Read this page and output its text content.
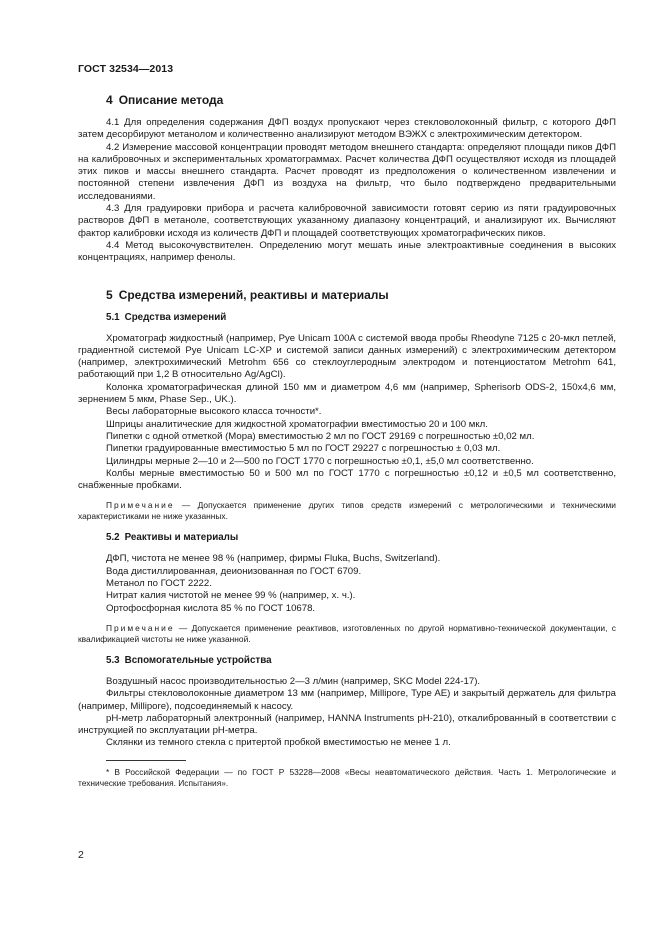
ГОСТ 32534—2013
4 Описание метода

4.1 Для определения содержания ДФП воздух пропускают через стекловолоконный фильтр, с которого ДФП затем десорбируют метанолом и количественно анализируют методом ВЭЖХ с электрохимическим детектором.

4.2 Измерение массовой концентрации проводят методом внешнего стандарта: определяют площади пиков ДФП на калибровочных и экспериментальных хроматограммах. Расчет количества ДФП осуществляют исходя из площадей этих пиков и массы внешнего стандарта. Расчет проводят из предположения о количественном извлечении и постоянной степени извлечения ДФП из воздуха на фильтр, что было подтверждено предварительными исследованиями.

4.3 Для градуировки прибора и расчета калибровочной зависимости готовят серию из пяти градуировочных растворов ДФП в метаноле, соответствующих указанному диапазону концентраций, и анализируют их. Вычисляют фактор калибровки исходя из количеств ДФП и площадей соответствующих хроматографических пиков.

4.4 Метод высокочувствителен. Определению могут мешать иные электроактивные соединения в высоких концентрациях, например фенолы.

5 Средства измерений, реактивы и материалы
5.1 Средства измерений

Хроматограф жидкостный (например, Pye Unicam 100A с системой ввода пробы Rheodyne 7125 с 20-мкл петлей, градиентной системой Pye Unicam LC-XP и системой записи данных измерений) с электрохимическим детектором (например, электрохимический Metrohm 656 со стеклоуглеродным электродом и потенциостатом Metrohm 641, работающий при 1,2 В относительно Ag/AgCl).

Колонка хроматографическая длиной 150 мм и диаметром 4,6 мм (например, Spherisorb ODS-2, 150x4,6 мм, зернением 5 мкм, Phase Sep., UK.).

Весы лабораторные высокого класса точности*.

Шприцы аналитические для жидкостной хроматографии вместимостью 20 и 100 мкл.

Пипетки с одной отметкой (Мора) вместимостью 2 мл по ГОСТ 29169 с погрешностью ±0,02 мл.

Пипетки градуированные вместимостью 5 мл по ГОСТ 29227 с погрешностью ± 0,03 мл.

Цилиндры мерные 2—10 и 2—500 по ГОСТ 1770 с погрешностью ±0,1, ±5,0 мл соответственно.

Колбы мерные вместимостью 50 и 500 мл по ГОСТ 1770 с погрешностью ±0,12 и ±0,5 мл соответственно, снабженные пробками.

Примечание — Допускается применение других типов средств измерений с метрологическими и техническими характеристиками не ниже указанных.

5.2 Реактивы и материалы

ДФП, чистота не менее 98 % (например, фирмы Fluka, Buchs, Switzerland).

Вода дистиллированная, деионизованная по ГОСТ 6709.

Метанол по ГОСТ 2222.

Нитрат калия чистотой не менее 99 % (например, х. ч.).

Ортофосфорная кислота 85 % по ГОСТ 10678.

Примечание — Допускается применение реактивов, изготовленных по другой нормативно-технической документации, с квалификацией чистоты не ниже указанной.

5.3 Вспомогательные устройства

Воздушный насос производительностью 2—3 л/мин (например, SKC Model 224-17).

Фильтры стекловолоконные диаметром 13 мм (например, Millipore, Type AE) и закрытый держатель для фильтра (например, Millipore), подсоединяемый к насосу.

pH-метр лабораторный электронный (например, HANNA Instruments pH-210), откалиброванный в соответствии с инструкцией по эксплуатации pH-метра.

Склянки из темного стекла с притертой пробкой вместимостью не менее 1 л.

* В Российской Федерации — по ГОСТ Р 53228—2008 «Весы неавтоматического действия. Часть 1. Метрологические и технические требования. Испытания».

2
